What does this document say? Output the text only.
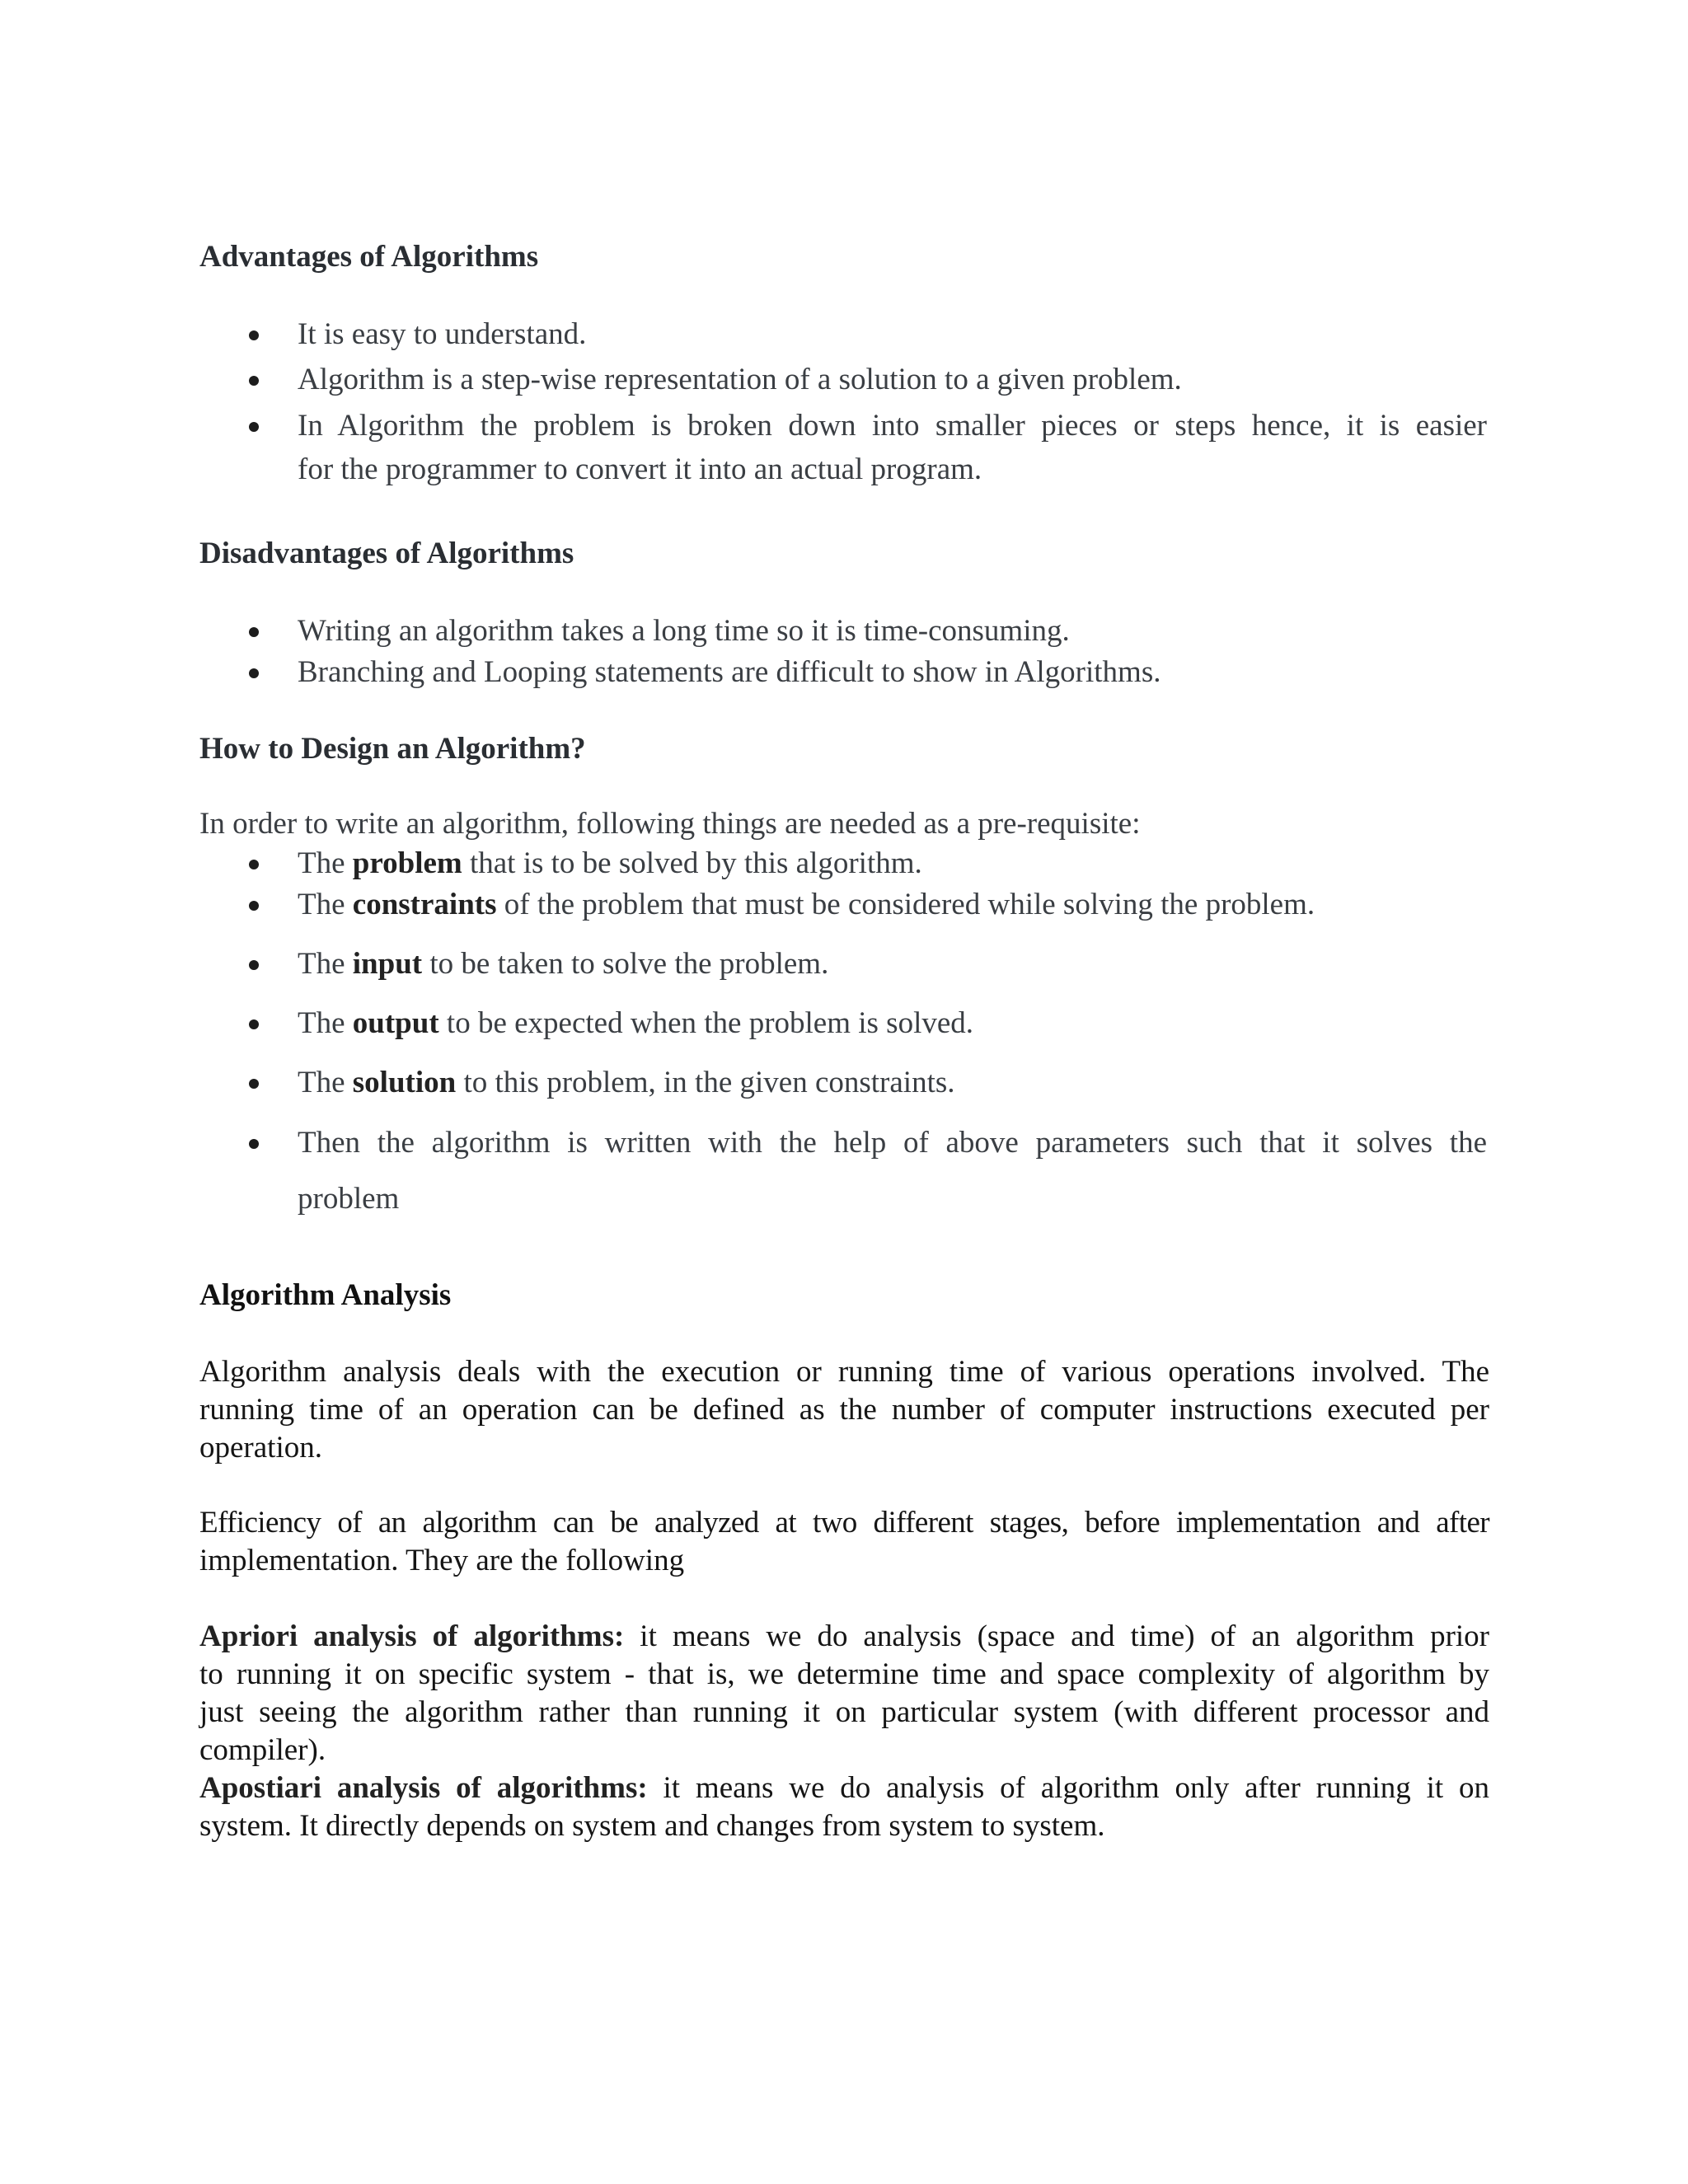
Advantages of Algorithms
It is easy to understand.
Algorithm is a step-wise representation of a solution to a given problem.
In Algorithm the problem is broken down into smaller pieces or steps hence, it is easier
for the programmer to convert it into an actual program.
Disadvantages of Algorithms
Writing an algorithm takes a long time so it is time-consuming.
Branching and Looping statements are difficult to show in Algorithms.
How to Design an Algorithm?
In order to write an algorithm, following things are needed as a pre-requisite:
The problem that is to be solved by this algorithm.
The constraints of the problem that must be considered while solving the problem.
The input to be taken to solve the problem.
The output to be expected when the problem is solved.
The solution to this problem, in the given constraints.
Then the algorithm is written with the help of above parameters such that it solves the
problem
Algorithm Analysis
Algorithm analysis deals with the execution or running time of various operations involved. The
running time of an operation can be defined as the number of computer instructions executed per
operation.
Efficiency of an algorithm can be analyzed at two different stages, before implementation and after
implementation. They are the following
Apriori analysis of algorithms: it means we do analysis (space and time) of an algorithm prior
to running it on specific system - that is, we determine time and space complexity of algorithm by
just seeing the algorithm rather than running it on particular system (with different processor and
compiler).
Apostiari analysis of algorithms: it means we do analysis of algorithm only after running it on
system. It directly depends on system and changes from system to system.
